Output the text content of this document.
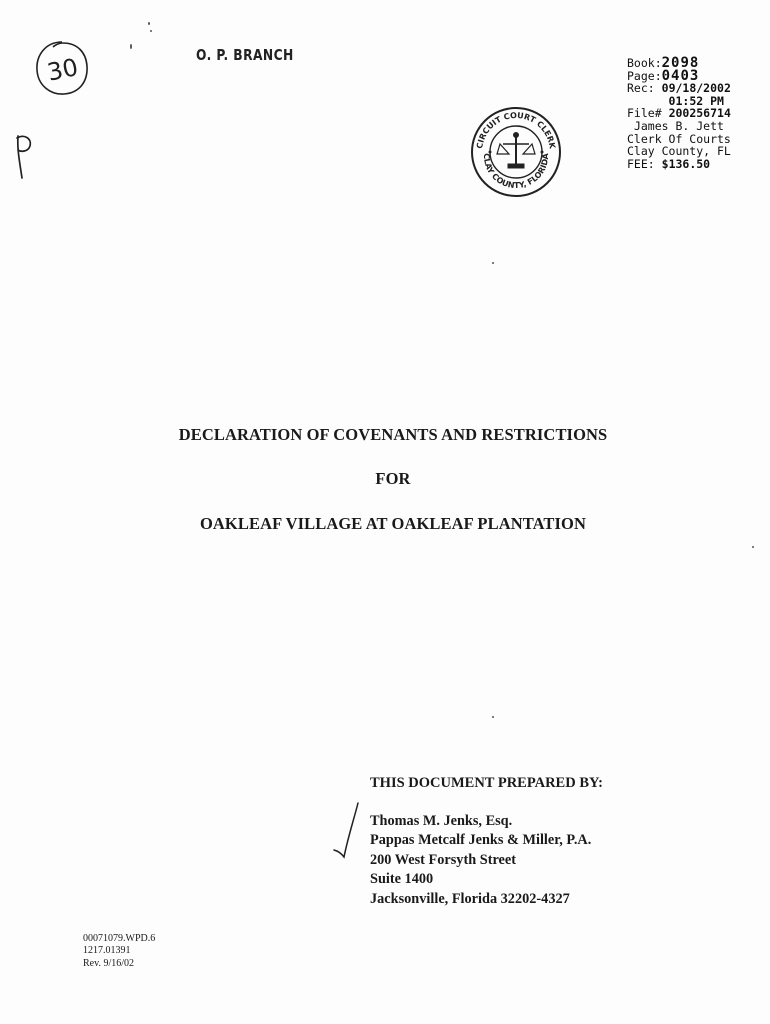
30	O. P. BRANCH	Book:2098
Page:0403
Rec: 09/18/2002
01:52 PM
File# 200256714
James B. Jett
Clerk Of Courts
Clay County, FL
FEE: $136.50
CIRCUIT COURT CLERK
CLAY COUNTY, FLORIDA
DECLARATION OF COVENANTS AND RESTRICTIONS
FOR
OAKLEAF VILLAGE AT OAKLEAF PLANTATION
THIS DOCUMENT PREPARED BY:
Thomas M. Jenks, Esq.
Pappas Metcalf Jenks & Miller, P.A.
200 West Forsyth Street
Suite 1400
Jacksonville, Florida 32202-4327
00071079.WPD.6
1217.01391
Rev. 9/16/02
